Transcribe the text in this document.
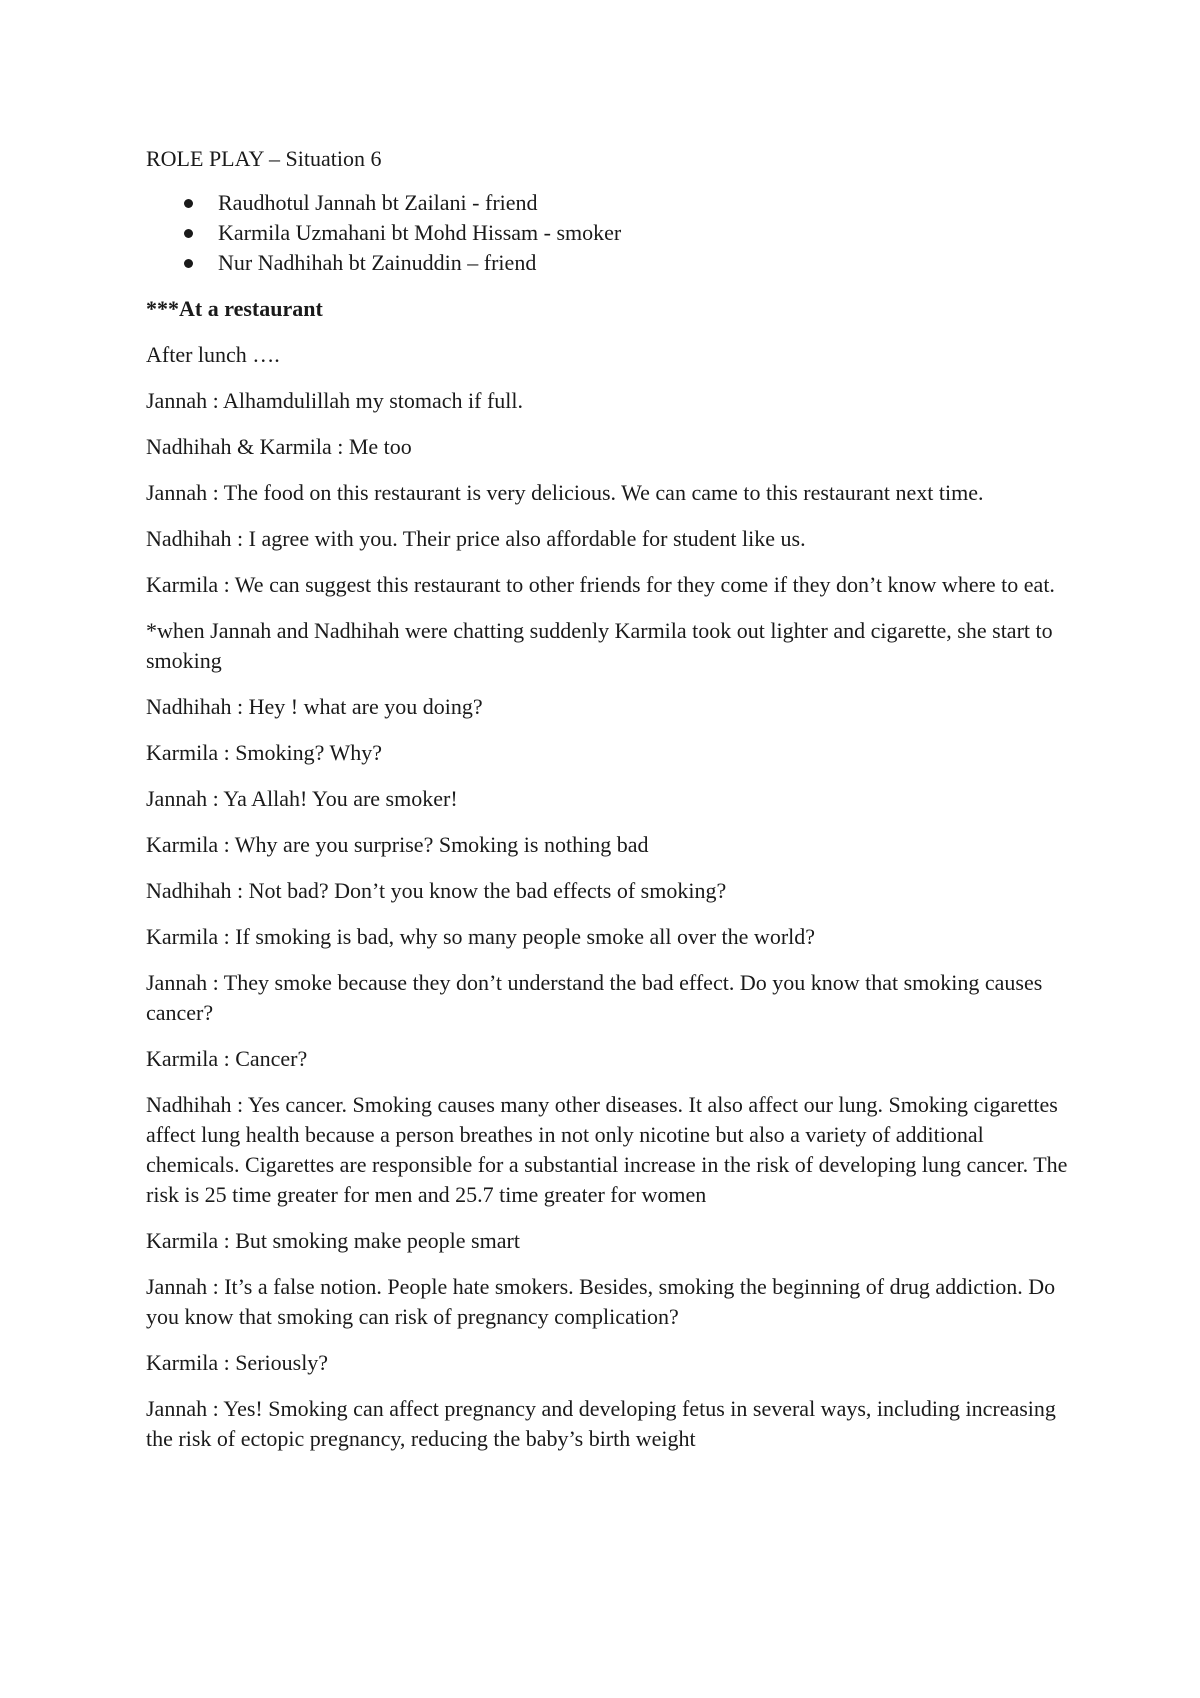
ROLE PLAY – Situation 6

Raudhotul Jannah bt Zailani - friend
Karmila Uzmahani bt Mohd Hissam - smoker
Nur Nadhihah bt Zainuddin – friend

***At a restaurant

After lunch ….

Jannah : Alhamdulillah my stomach if full.

Nadhihah & Karmila : Me too

Jannah : The food on this restaurant is very delicious. We can came to this restaurant next time.

Nadhihah : I agree with you. Their price also affordable for student like us.

Karmila : We can suggest this restaurant to other friends for they come if they don’t know where to eat.

*when Jannah and Nadhihah were chatting suddenly Karmila took out lighter and cigarette, she start to smoking

Nadhihah : Hey ! what are you doing?

Karmila : Smoking? Why?

Jannah : Ya Allah! You are smoker!

Karmila : Why are you surprise? Smoking is nothing bad

Nadhihah : Not bad? Don’t you know the bad effects of smoking?

Karmila : If smoking is bad, why so many people smoke all over the world?

Jannah : They smoke because they don’t understand the bad effect. Do you know that smoking causes cancer?

Karmila : Cancer?

Nadhihah : Yes cancer. Smoking causes many other diseases. It also affect our lung. Smoking cigarettes affect lung health because a person breathes in not only nicotine but also a variety of additional chemicals. Cigarettes are responsible for a substantial increase in the risk of developing lung cancer. The risk is 25 time greater for men and 25.7 time greater for women

Karmila : But smoking make people smart

Jannah : It’s a false notion. People hate smokers. Besides, smoking the beginning of drug addiction. Do you know that smoking can risk of pregnancy complication?

Karmila : Seriously?

Jannah : Yes! Smoking can affect pregnancy and developing fetus in several ways, including increasing the risk of ectopic pregnancy, reducing the baby’s birth weight
